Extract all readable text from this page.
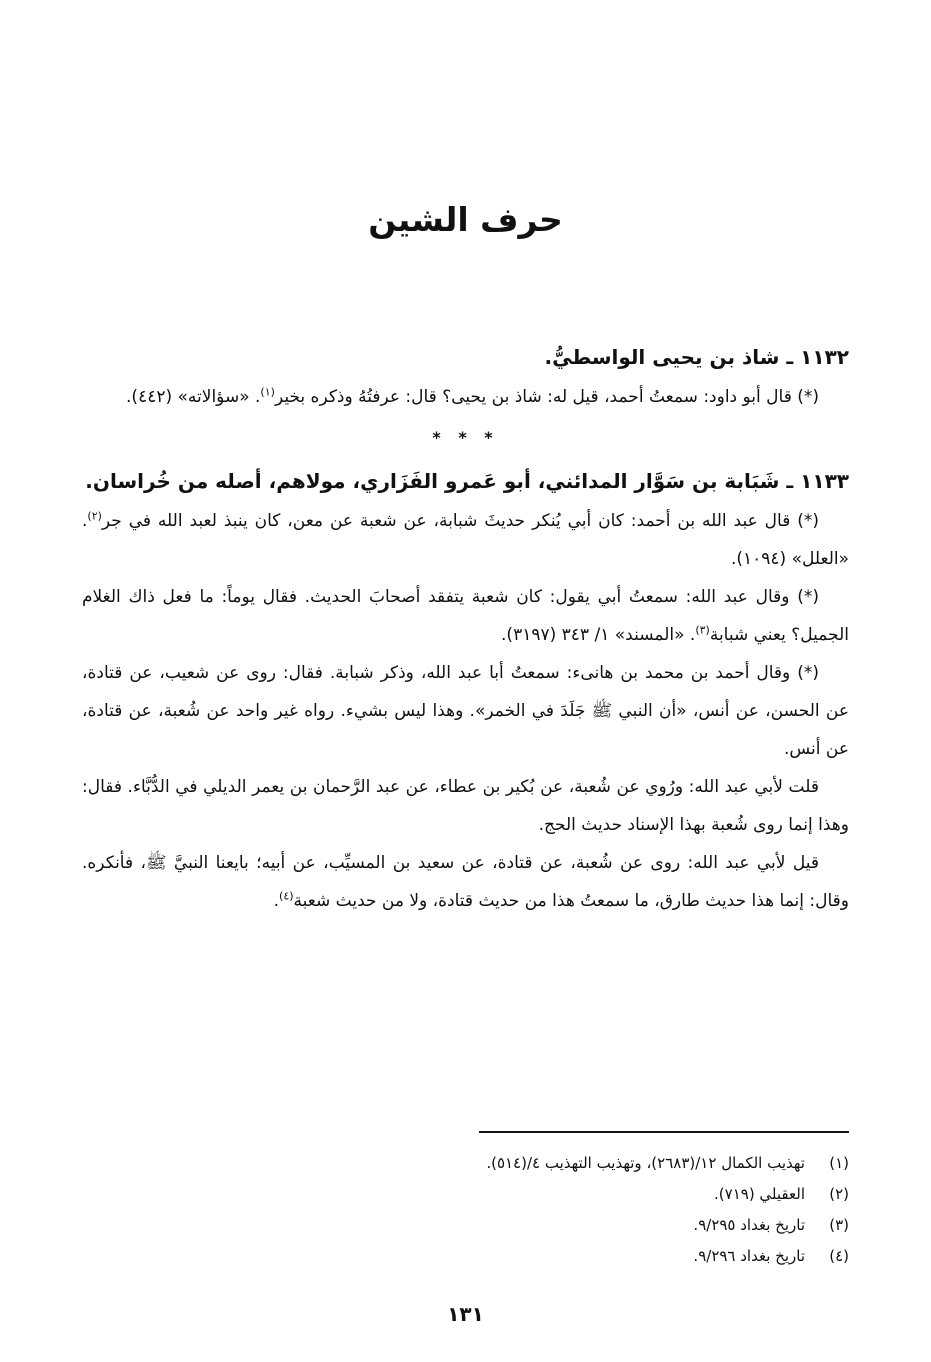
حرف الشين
١١٣٢ ـ شاذ بن يحيى الواسطيُّ.

(*) قال أبو داود: سمعتُ أحمد، قيل له: شاذ بن يحيى؟ قال: عرفتُهُ وذكره بخير$^{(١)}$. «سؤالاته» (٤٤٢).

* * *
١١٣٣ ـ شَبَابة بن سَوَّار المدائني، أبو عَمرو الفَزَاري، مولاهم، أصله من خُراسان.

(*) قال عبد الله بن أحمد: كان أبي يُنكر حديثَ شبابة، عن شعبة عن معن، كان ينبذ لعبد الله في جر$^{(٢)}$. «العلل» (١٠٩٤).

(*) وقال عبد الله: سمعتُ أبي يقول: كان شعبة يتفقد أصحابَ الحديث. فقال يوماً: ما فعل ذاك الغلام الجميل؟ يعني شبابة$^{(٣)}$. «المسند» ١/ ٣٤٣ (٣١٩٧).

(*) وقال أحمد بن محمد بن هانىء: سمعتُ أبا عبد الله، وذكر شبابة. فقال: روى عن شعيب، عن قتادة، عن الحسن، عن أنس، «أن النبي ﷺ جَلَدَ في الخمر». وهذا ليس بشيء. رواه غير واحد عن شُعبة، عن قتادة، عن أنس.

قلت لأبي عبد الله: ورُوي عن شُعبة، عن بُكير بن عطاء، عن عبد الرَّحمان بن يعمر الديلي في الدُّبَّاء. فقال: وهذا إنما روى شُعبة بهذا الإسناد حديث الحج.

قيل لأبي عبد الله: روى عن شُعبة، عن قتادة، عن سعيد بن المسيِّب، عن أبيه؛ بايعنا النبيَّ ﷺ، فأنكره. وقال: إنما هذا حديث طارق، ما سمعتُ هذا من حديث قتادة، ولا من حديث شعبة$^{(٤)}$.

(١)
تهذيب الكمال ١٢/(٢٦٨٣)، وتهذيب التهذيب ٤/(٥١٤).
(٢)
العقيلي (٧١٩).
(٣)
تاريخ بغداد ٩/٢٩٥.
(٤)
تاريخ بغداد ٩/٢٩٦.
١٣١
